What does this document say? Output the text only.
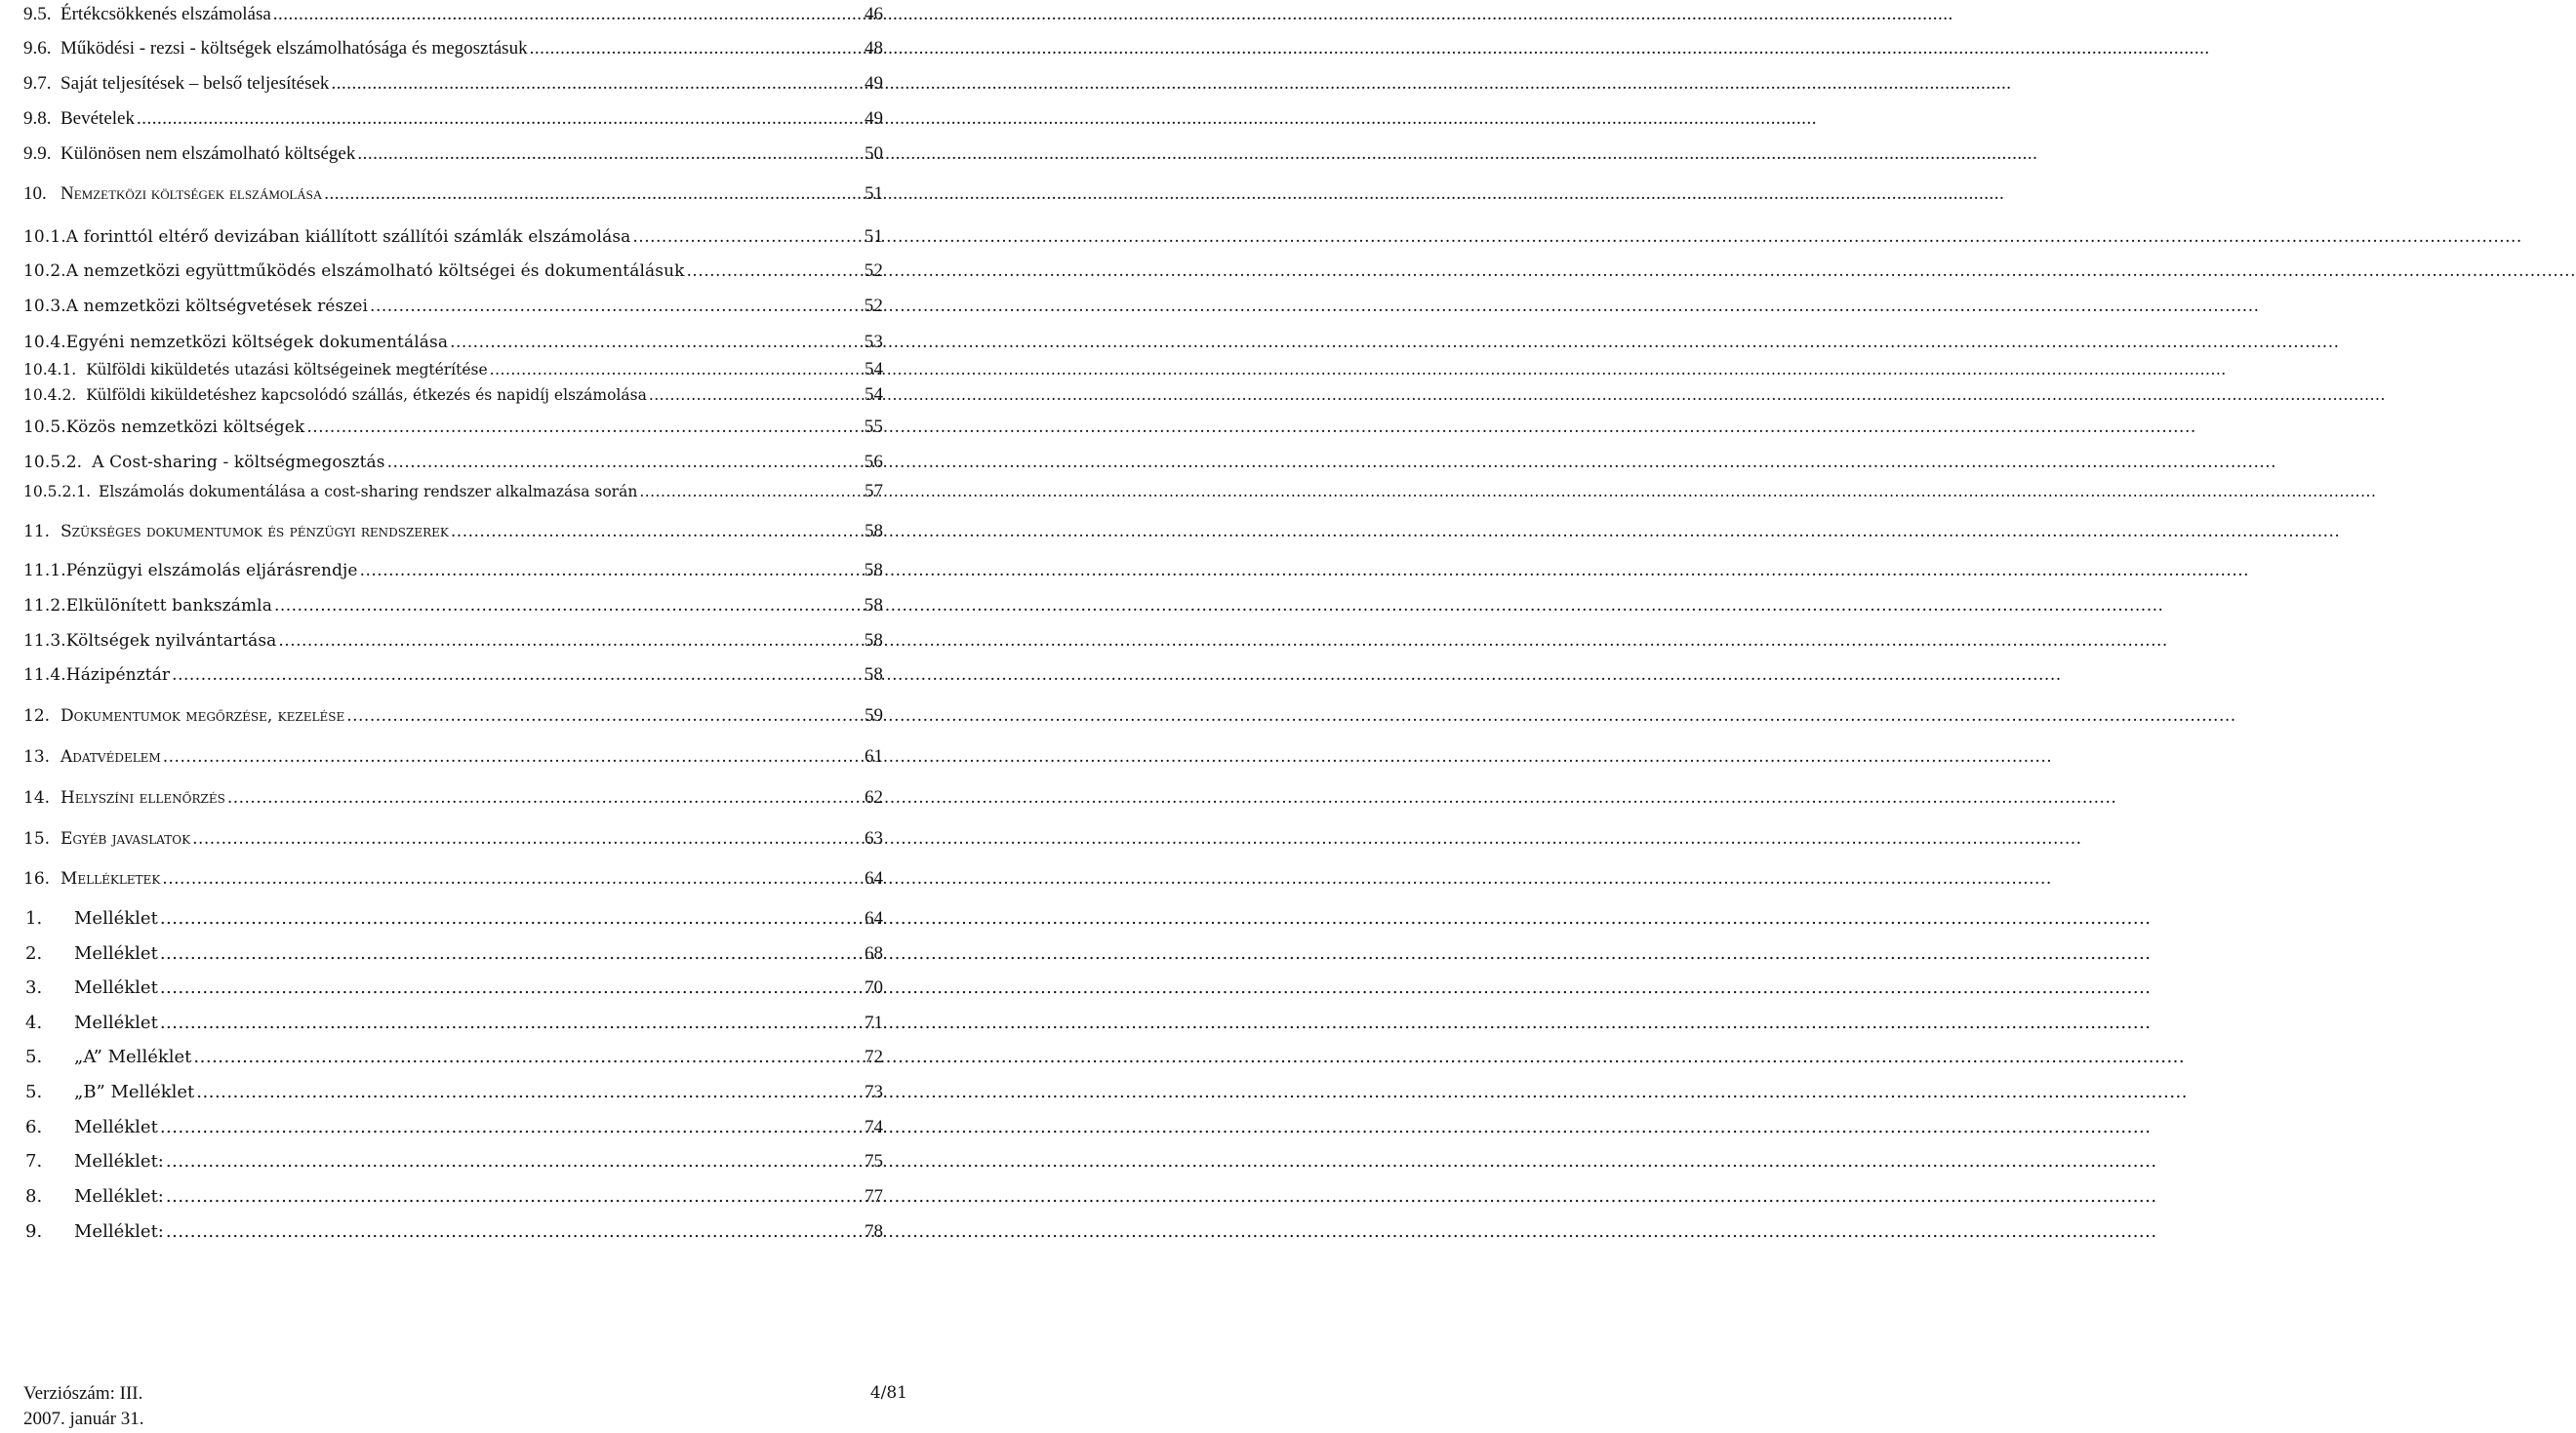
9.5. Értékcsökkenés elszámolása .....	46
9.6. Működési - rezsi - költségek elszámolhatósága és megosztásuk .....	48
9.7. Saját teljesítések – belső teljesítések .....	49
9.8. Bevételek .....	49
9.9. Különösen nem elszámolható költségek .....	50
10. Nemzetközi költségek elszámolása .....	51
10.1. A forinttól eltérő devizában kiállított szállítói számlák elszámolása .....	51
10.2. A nemzetközi együttműködés elszámolható költségei és dokumentálásuk .....	52
10.3. A nemzetközi költségvetések részei .....	52
10.4. Egyéni nemzetközi költségek dokumentálása .....	53
10.4.1. Külföldi kiküldetés utazási költségeinek megtérítése .....	54
10.4.2. Külföldi kiküldetéshez kapcsolódó szállás, étkezés és napidíj elszámolása .....	54
10.5. Közös nemzetközi költségek .....	55
10.5.2. A Cost-sharing - költségmegosztás .....	56
10.5.2.1. Elszámolás dokumentálása a cost-sharing rendszer alkalmazása során .....	57
11. Szükséges dokumentumok és pénzügyi rendszerek .....	58
11.1. Pénzügyi elszámolás eljárásrendje .....	58
11.2. Elkülönített bankszámla .....	58
11.3. Költségek nyilvántartása .....	58
11.4. Házipénztár .....	58
12. Dokumentumok megőrzése, kezelése .....	59
13. Adatvédelem .....	61
14. Helyszíni ellenőrzés .....	62
15. Egyéb javaslatok .....	63
16. Mellékletek .....	64
1.	Melléklet .....	64
2.	Melléklet .....	68
3.	Melléklet .....	70
4.	Melléklet .....	71
5.	„A” Melléklet .....	72
5.	„B” Melléklet .....	73
6.	Melléklet .....	74
7.	Melléklet: .....	75
8.	Melléklet: .....	77
9.	Melléklet: .....	78
Verziószám: III.
2007. január 31.
4/81
